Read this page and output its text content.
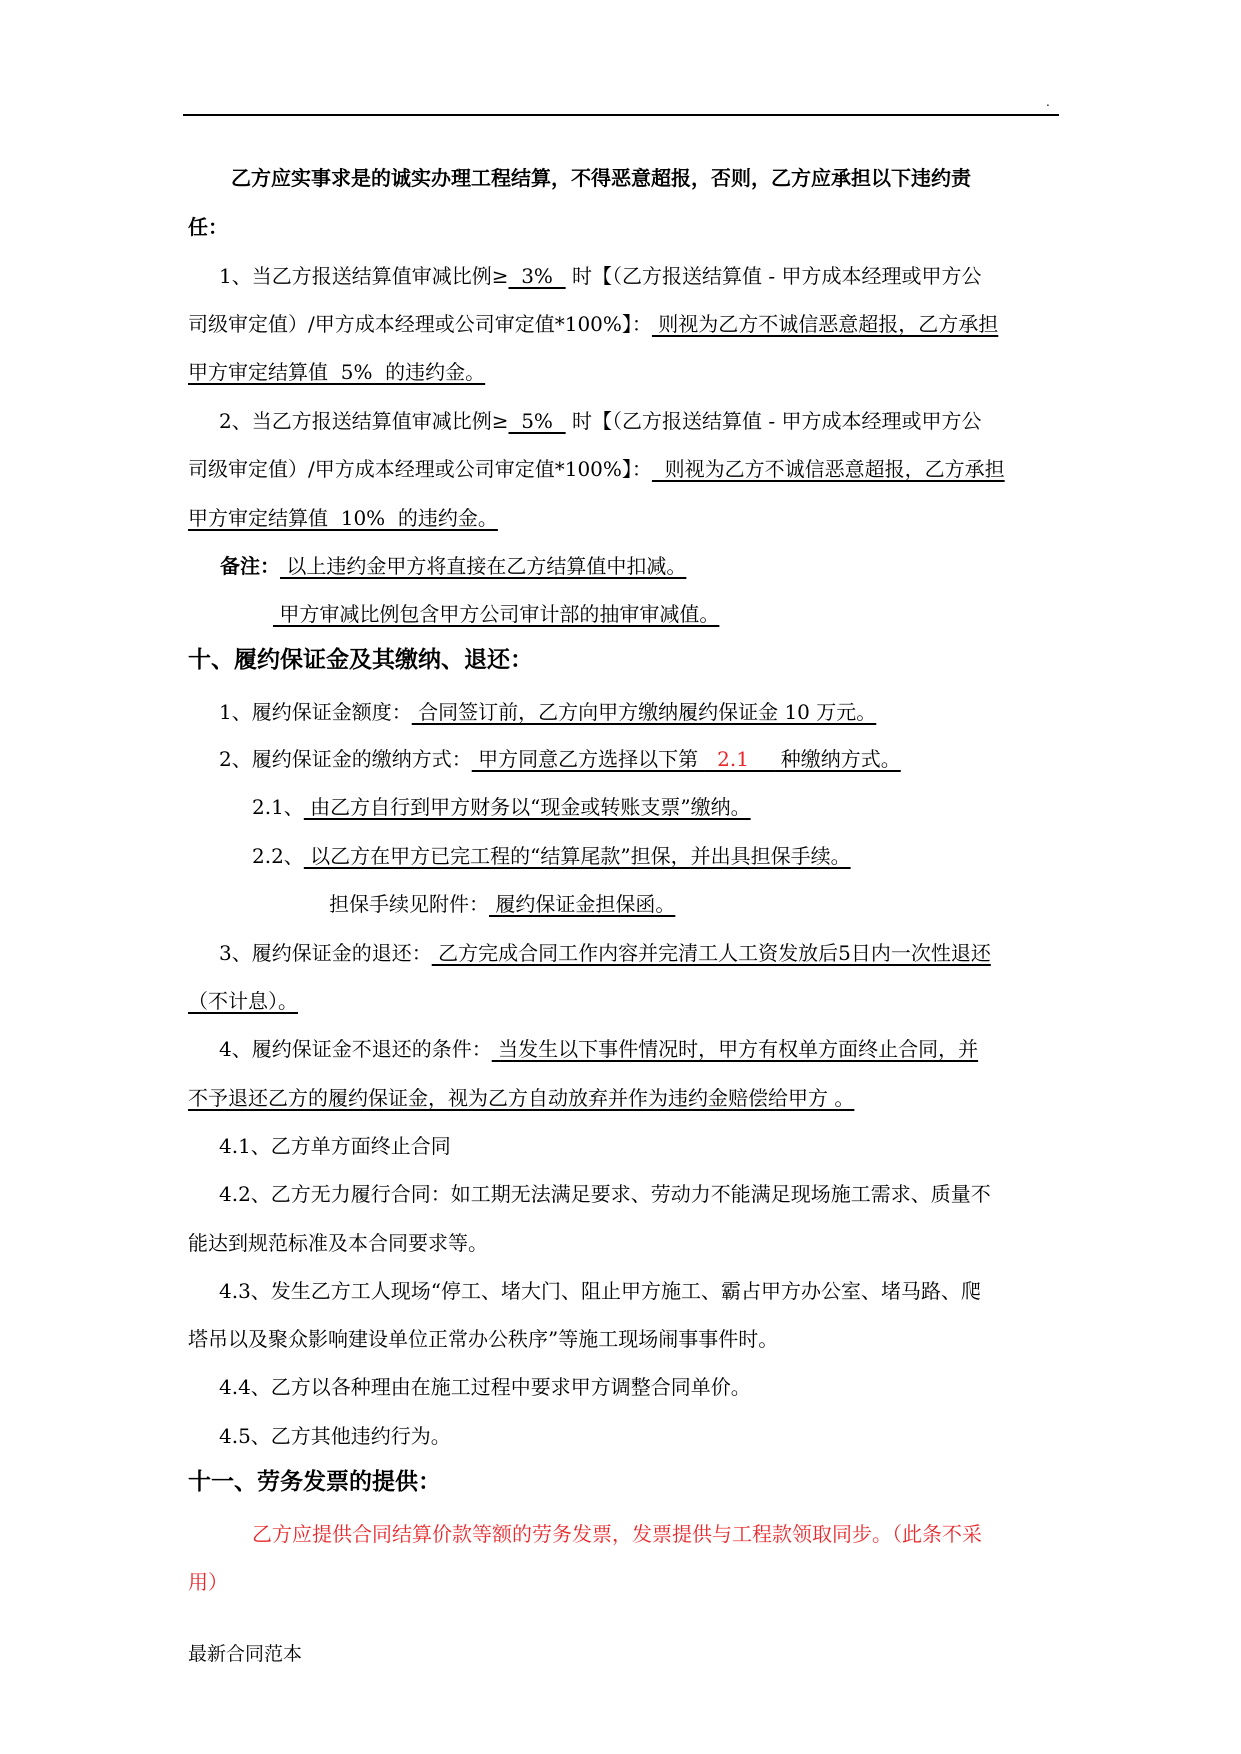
.
乙方应实事求是的诚实办理工程结算，不得恶意超报，否则，乙方应承担以下违约责
任：
1、当乙方报送结算值审减比例≥  3%   时【（乙方报送结算值 - 甲方成本经理或甲方公
司级审定值）/甲方成本经理或公司审定值*100%】： 则视为乙方不诚信恶意超报，乙方承担
甲方审定结算值  5%  的违约金。
2、当乙方报送结算值审减比例≥  5%   时【（乙方报送结算值 - 甲方成本经理或甲方公
司级审定值）/甲方成本经理或公司审定值*100%】：  则视为乙方不诚信恶意超报，乙方承担
甲方审定结算值  10%  的违约金。
备注： 以上违约金甲方将直接在乙方结算值中扣减。
甲方审减比例包含甲方公司审计部的抽审审减值。
十、履约保证金及其缴纳、退还：
1、履约保证金额度： 合同签订前，乙方向甲方缴纳履约保证金 10 万元。
2、履约保证金的缴纳方式： 甲方同意乙方选择以下第   2.1     种缴纳方式。
2.1、 由乙方自行到甲方财务以“现金或转账支票”缴纳。
2.2、 以乙方在甲方已完工程的“结算尾款”担保，并出具担保手续。
担保手续见附件： 履约保证金担保函。
3、履约保证金的退还： 乙方完成合同工作内容并完清工人工资发放后5日内一次性退还
（不计息）。
4、履约保证金不退还的条件： 当发生以下事件情况时，甲方有权单方面终止合同，并
不予退还乙方的履约保证金，视为乙方自动放弃并作为违约金赔偿给甲方 。
4.1、乙方单方面终止合同
4.2、乙方无力履行合同：如工期无法满足要求、劳动力不能满足现场施工需求、质量不
能达到规范标准及本合同要求等。
4.3、发生乙方工人现场“停工、堵大门、阻止甲方施工、霸占甲方办公室、堵马路、爬
塔吊以及聚众影响建设单位正常办公秩序”等施工现场闹事事件时。
4.4、乙方以各种理由在施工过程中要求甲方调整合同单价。
4.5、乙方其他违约行为。
十一、劳务发票的提供：
乙方应提供合同结算价款等额的劳务发票，发票提供与工程款领取同步。（此条不采
用）
最新合同范本
